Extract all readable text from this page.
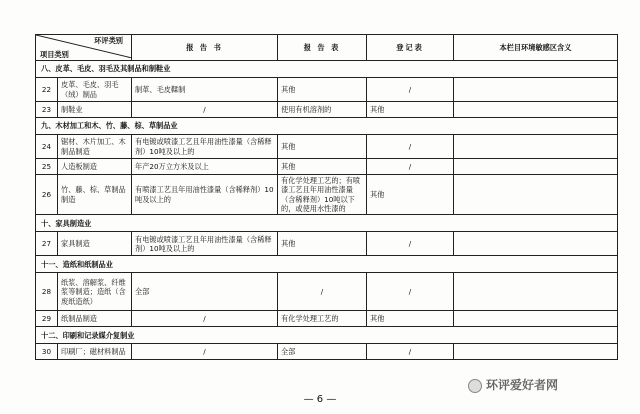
环评类别
项目类别		报 告 书	报 告 表	登记表	本栏目环境敏感区含义
八、皮革、毛皮、羽毛及其制品和制鞋业					
22	皮革、毛皮、羽毛（绒）制品	制革、毛皮鞣制	其他	/	
23	制鞋业	/	使用有机溶剂的	其他	
九、木材加工和木、竹、藤、棕、草制品业					
24	锯材、木片加工、木制品制造	有电镀或喷漆工艺且年用油性漆量（含稀释剂）10吨及以上的	其他	/	
25	人造板制造	年产20万立方米及以上	其他	/	
26	竹、藤、棕、草制品制造	有喷漆工艺且年用油性漆量（含稀释剂）10吨及以上的	有化学处理工艺的；有喷漆工艺且年用油性漆量（含稀释剂）10吨以下的，或使用水性漆的	其他	
十、家具制造业					
27	家具制造	有电镀或喷漆工艺且年用油性漆量（含稀释剂）10吨及以上的	其他	/	
十一、造纸和纸制品业					
28	纸浆、溶解浆、纤维浆等制造；造纸（含废纸造纸）	全部	/	/	
29	纸制品制造	/	有化学处理工艺的	其他	
十二、印刷和记录媒介复制业					
30	印刷厂；磁材料制品	/	全部	/	
— 6 —
环评爱好者网
